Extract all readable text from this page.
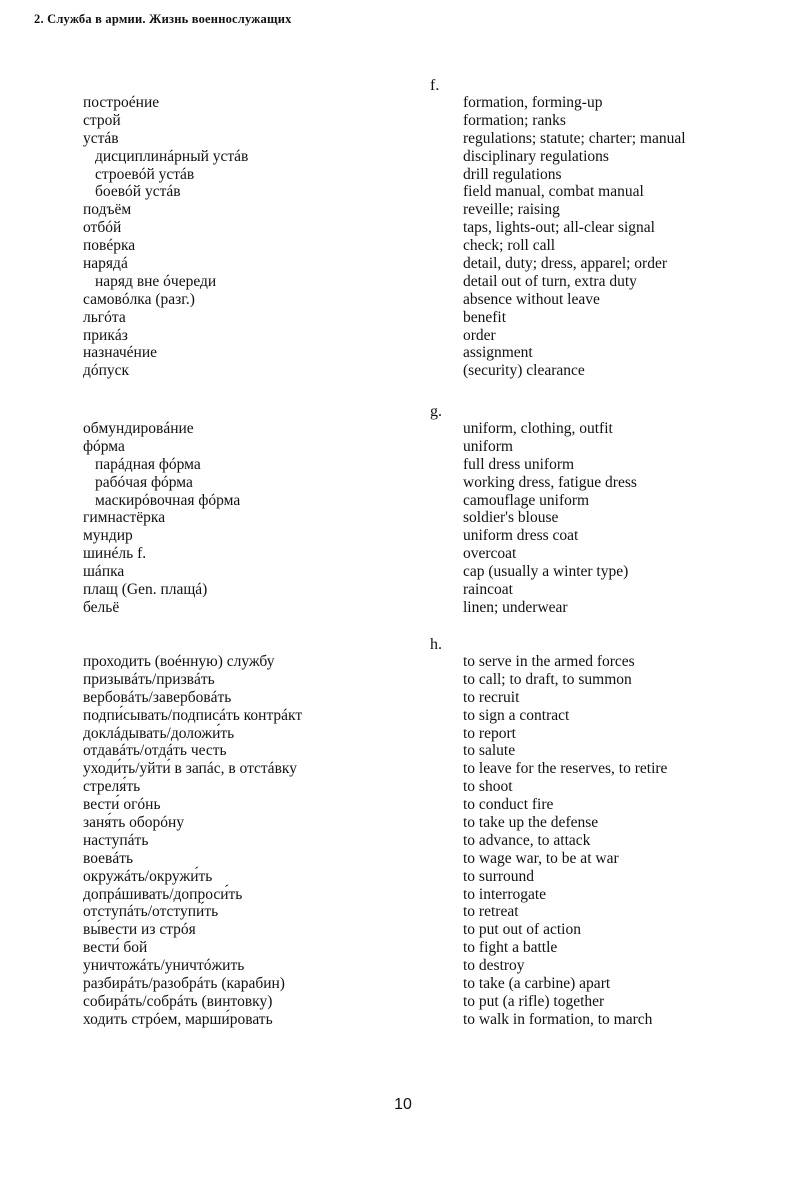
2. Служба в армии. Жизнь военнослужащих
f.
построéние	formation, forming-up
строй	formation; ranks
устáв	regulations; statute; charter; manual
дисциплинáрный устáв	disciplinary regulations
строевóй устáв	drill regulations
боевóй устáв	field manual, combat manual
подъём	reveille; raising
отбóй	taps, lights-out; all-clear signal
повéрка	check; roll call
нарядá	detail, duty; dress, apparel; order
наряд вне óчереди	detail out of turn, extra duty
самовóлка (разг.)	absence without leave
льгóта	benefit
прикáз	order
назначéние	assignment
дóпуск	(security) clearance
g.
обмундировáние	uniform, clothing, outfit
фóрма	uniform
парáдная фóрма	full dress uniform
рабóчая фóрма	working dress, fatigue dress
маскирóвочная фóрма	camouflage uniform
гимнастёрка	soldier's blouse
мундир	uniform dress coat
шинéль f.	overcoat
шáпка	cap (usually a winter type)
плащ (Gen. плащá)	raincoat
бельё	linen; underwear
h.
проходить (воéнную) службу	to serve in the armed forces
призывáть/призвáть	to call; to draft, to summon
вербовáть/завербовáть	to recruit
подпи́сывать/подписáть контрáкт	to sign a contract
доклáдывать/доложи́ть	to report
отдавáть/отдáть честь	to salute
уходи́ть/уйти́ в запáс, в отстáвку	to leave for the reserves, to retire
стреля́ть	to shoot
вести́ огóнь	to conduct fire
заня́ть оборóну	to take up the defense
наступáть	to advance, to attack
воевáть	to wage war, to be at war
окружáть/окружи́ть	to surround
допрáшивать/допроси́ть	to interrogate
отступáть/отступи́ть	to retreat
вы́вести из стрóя	to put out of action
вести́ бой	to fight a battle
уничтожáть/уничтóжить	to destroy
разбирáть/разобрáть (карабин)	to take (a carbine) apart
собирáть/собрáть (винтовку)	to put (a rifle) together
ходить стрóем, марши́ровать	to walk in formation, to march
10
